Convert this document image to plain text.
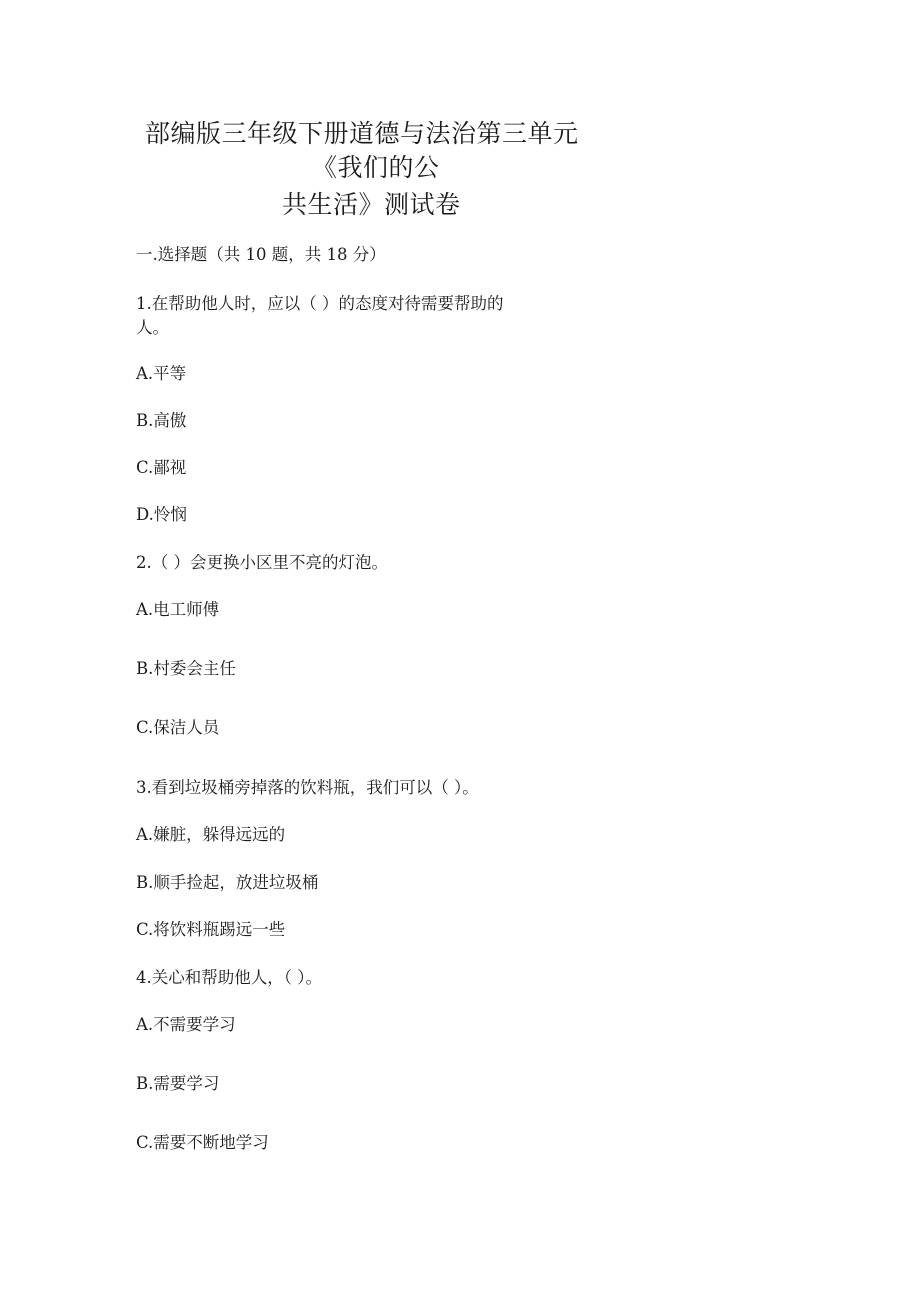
部编版三年级下册道德与法治第三单元
《我们的公
共生活》测试卷
一.选择题（共 10 题，共 18 分）
1.在帮助他人时，应以（ ）的态度对待需要帮助的
人。
A.平等
B.高傲
C.鄙视
D.怜悯
2.（ ）会更换小区里不亮的灯泡。
A.电工师傅
B.村委会主任
C.保洁人员
3.看到垃圾桶旁掉落的饮料瓶，我们可以（ ）。
A.嫌脏，躲得远远的
B.顺手捡起，放进垃圾桶
C.将饮料瓶踢远一些
4.关心和帮助他人，（ ）。
A.不需要学习
B.需要学习
C.需要不断地学习
